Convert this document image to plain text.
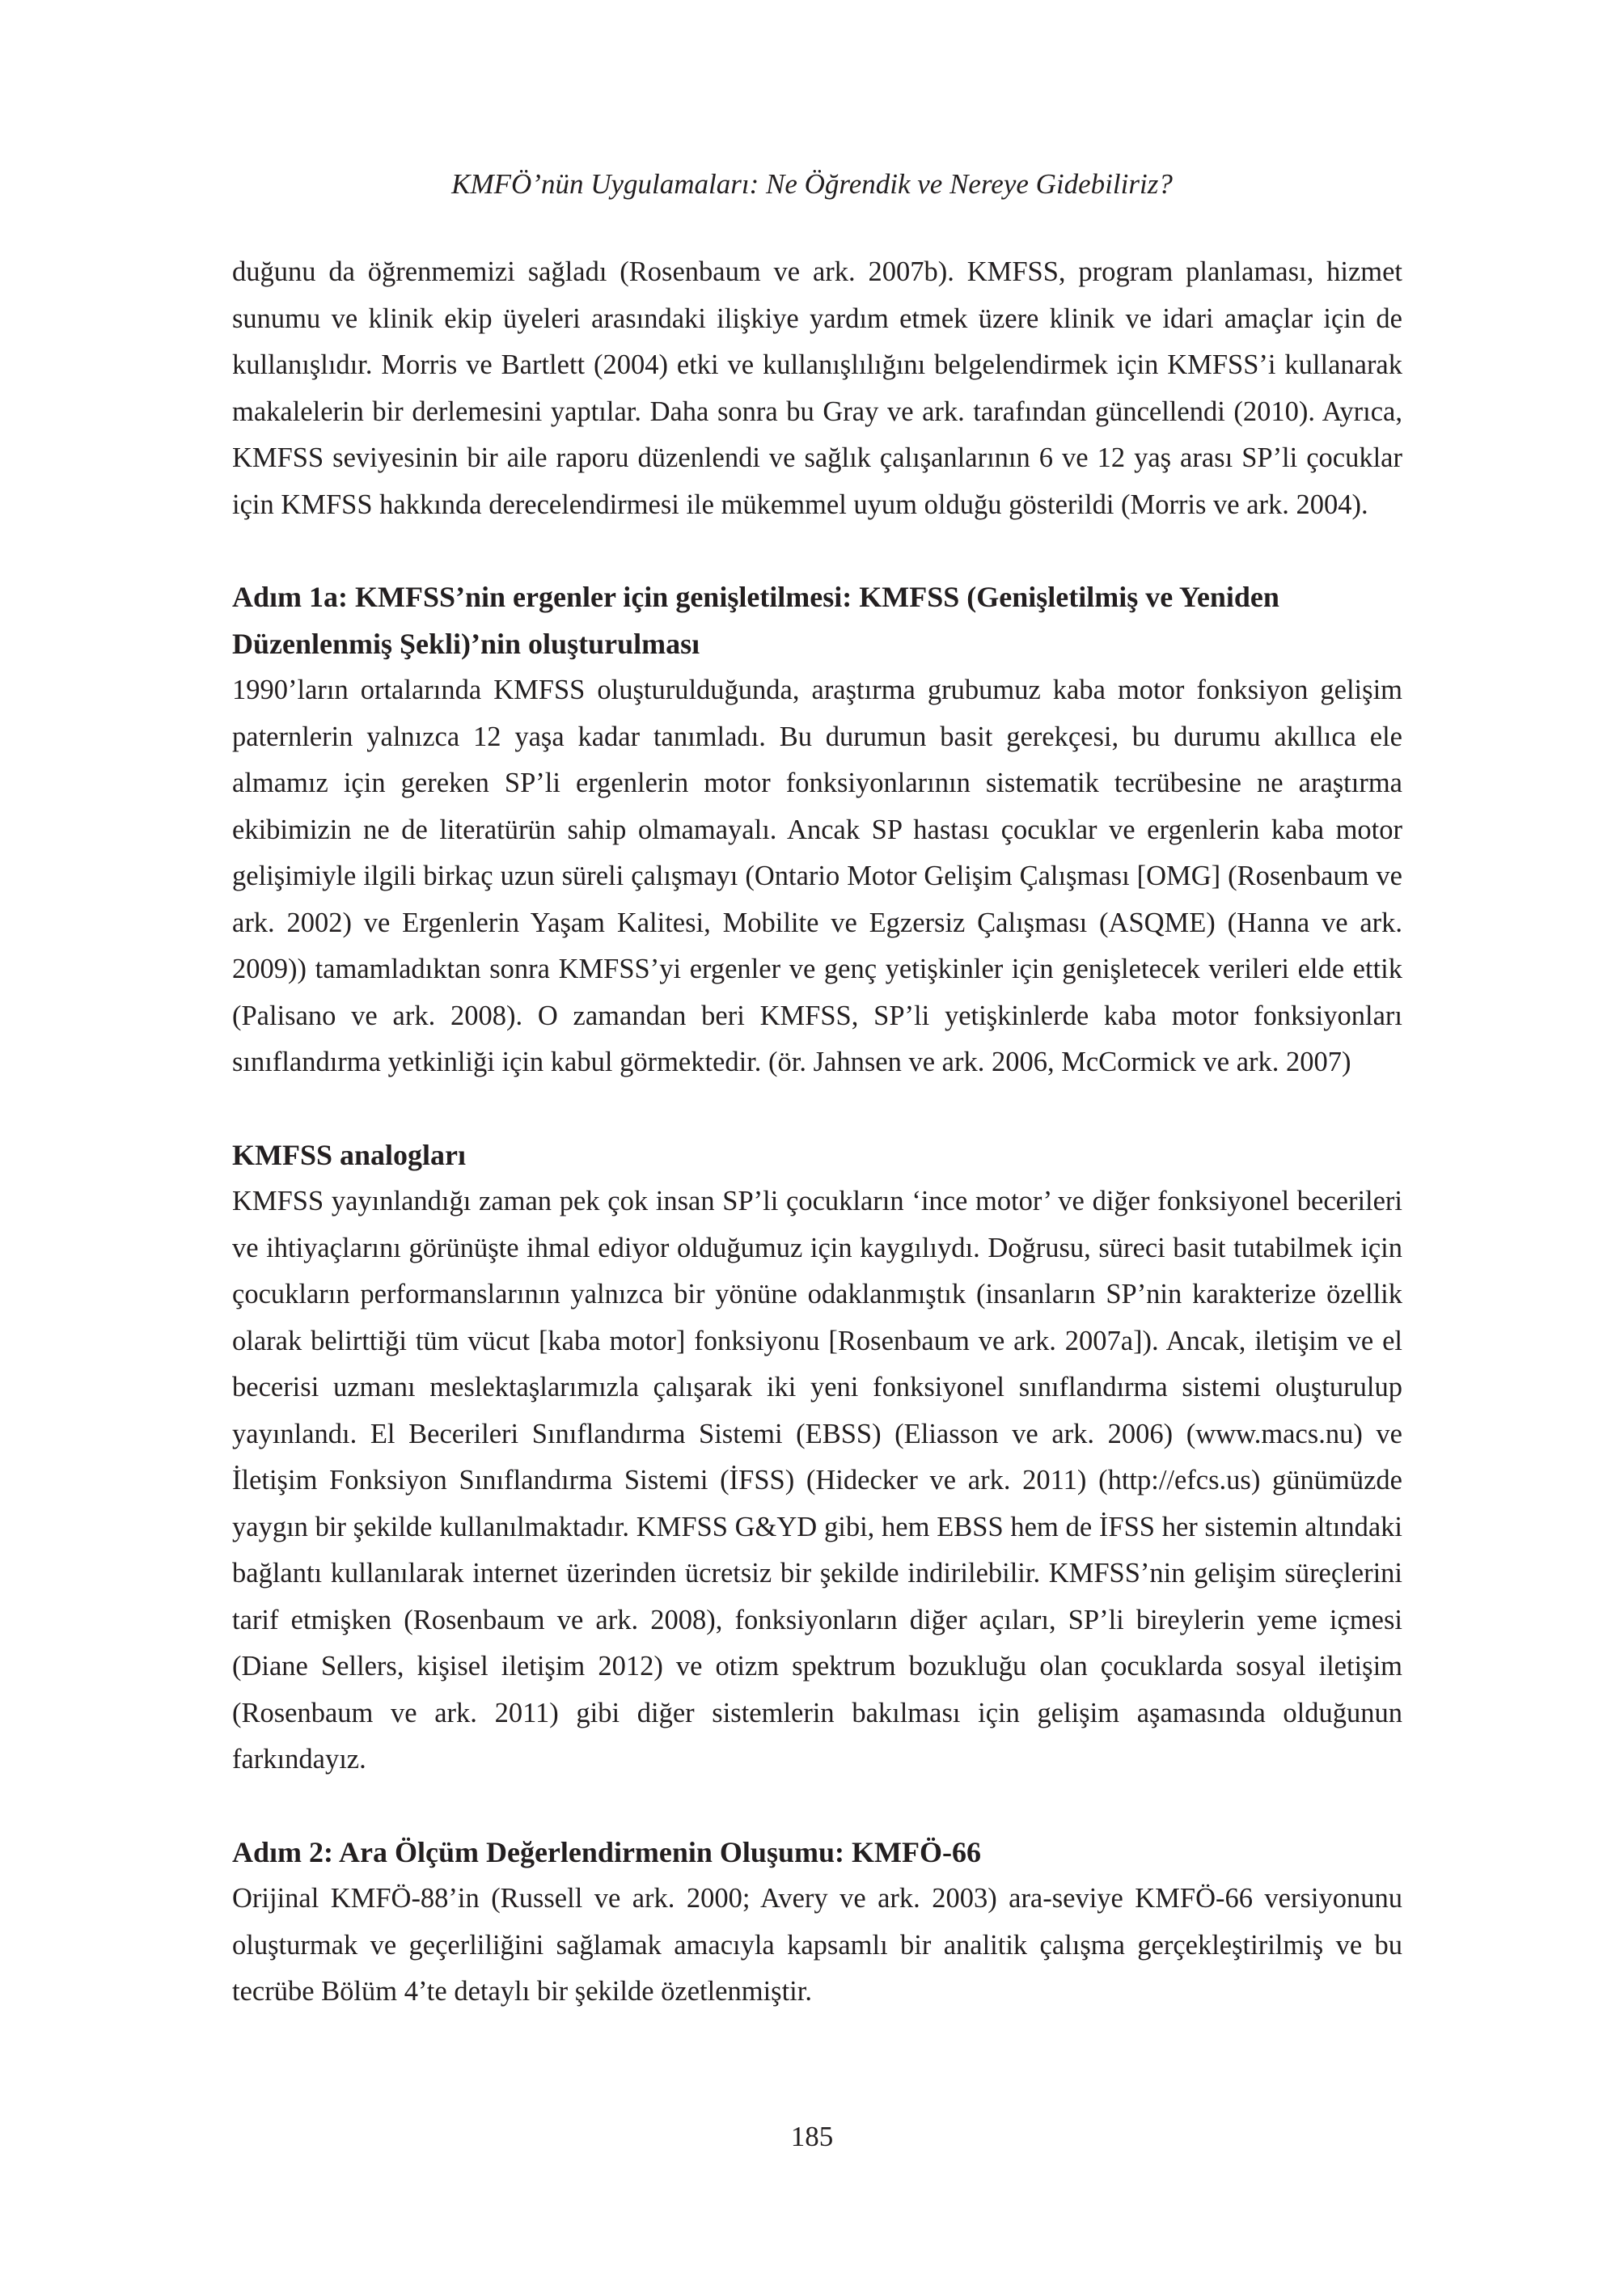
KMFÖ’nün Uygulamaları: Ne Öğrendik ve Nereye Gidebiliriz?

duğunu da öğrenmemizi sağladı (Rosenbaum ve ark. 2007b). KMFSS, program planlaması, hizmet sunumu ve klinik ekip üyeleri arasındaki ilişkiye yardım etmek üzere klinik ve idari amaçlar için de kullanışlıdır. Morris ve Bartlett (2004) etki ve kullanışlılığını belgelendirmek için KMFSS’i kullanarak makalelerin bir derlemesini yaptılar. Daha sonra bu Gray ve ark. tarafından güncellendi (2010). Ayrıca, KMFSS seviyesinin bir aile raporu düzenlendi ve sağlık çalışanlarının 6 ve 12 yaş arası SP’li çocuklar için KMFSS hakkında derecelendirmesi ile mükemmel uyum olduğu gösterildi (Morris ve ark. 2004).

Adım 1a: KMFSS’nin ergenler için genişletilmesi: KMFSS (Genişletilmiş ve Yeniden Düzenlenmiş Şekli)’nin oluşturulması

1990’ların ortalarında KMFSS oluşturulduğunda, araştırma grubumuz kaba motor fonksiyon gelişim paternlerin yalnızca 12 yaşa kadar tanımladı. Bu durumun basit gerekçesi, bu durumu akıllıca ele almamız için gereken SP’li ergenlerin motor fonksiyonlarının sistematik tecrübesine ne araştırma ekibimizin ne de literatürün sahip olmamayalı. Ancak SP hastası çocuklar ve ergenlerin kaba motor gelişimiyle ilgili birkaç uzun süreli çalışmayı (Ontario Motor Gelişim Çalışması [OMG] (Rosenbaum ve ark. 2002) ve Ergenlerin Yaşam Kalitesi, Mobilite ve Egzersiz Çalışması (ASQME) (Hanna ve ark. 2009)) tamamladıktan sonra KMFSS’yi ergenler ve genç yetişkinler için genişletecek verileri elde ettik (Palisano ve ark. 2008). O zamandan beri KMFSS, SP’li yetişkinlerde kaba motor fonksiyonları sınıflandırma yetkinliği için kabul görmektedir. (ör. Jahnsen ve ark. 2006, McCormick ve ark. 2007)

KMFSS analogları

KMFSS yayınlandığı zaman pek çok insan SP’li çocukların ‘ince motor’ ve diğer fonksiyonel becerileri ve ihtiyaçlarını görünüşte ihmal ediyor olduğumuz için kaygılıydı. Doğrusu, süreci basit tutabilmek için çocukların performanslarının yalnızca bir yönüne odaklanmıştık (insanların SP’nin karakterize özellik olarak belirttiği tüm vücut [kaba motor] fonksiyonu [Rosenbaum ve ark. 2007a]). Ancak, iletişim ve el becerisi uzmanı meslektaşlarımızla çalışarak iki yeni fonksiyonel sınıflandırma sistemi oluşturulup yayınlandı. El Becerileri Sınıflandırma Sistemi (EBSS) (Eliasson ve ark. 2006) (www.macs.nu) ve İletişim Fonksiyon Sınıflandırma Sistemi (İFSS) (Hidecker ve ark. 2011) (http://efcs.us) günümüzde yaygın bir şekilde kullanılmaktadır. KMFSS G&YD gibi, hem EBSS hem de İFSS her sistemin altındaki bağlantı kullanılarak internet üzerinden ücretsiz bir şekilde indirilebilir. KMFSS’nin gelişim süreçlerini tarif etmişken (Rosenbaum ve ark. 2008), fonksiyonların diğer açıları, SP’li bireylerin yeme içmesi (Diane Sellers, kişisel iletişim 2012) ve otizm spektrum bozukluğu olan çocuklarda sosyal iletişim (Rosenbaum ve ark. 2011) gibi diğer sistemlerin bakılması için gelişim aşamasında olduğunun farkındayız.

Adım 2: Ara Ölçüm Değerlendirmenin Oluşumu: KMFÖ-66

Orijinal KMFÖ-88’in (Russell ve ark. 2000; Avery ve ark. 2003) ara-seviye KMFÖ-66 versiyonunu oluşturmak ve geçerliliğini sağlamak amacıyla kapsamlı bir analitik çalışma gerçekleştirilmiş ve bu tecrübe Bölüm 4’te detaylı bir şekilde özetlenmiştir.

185
